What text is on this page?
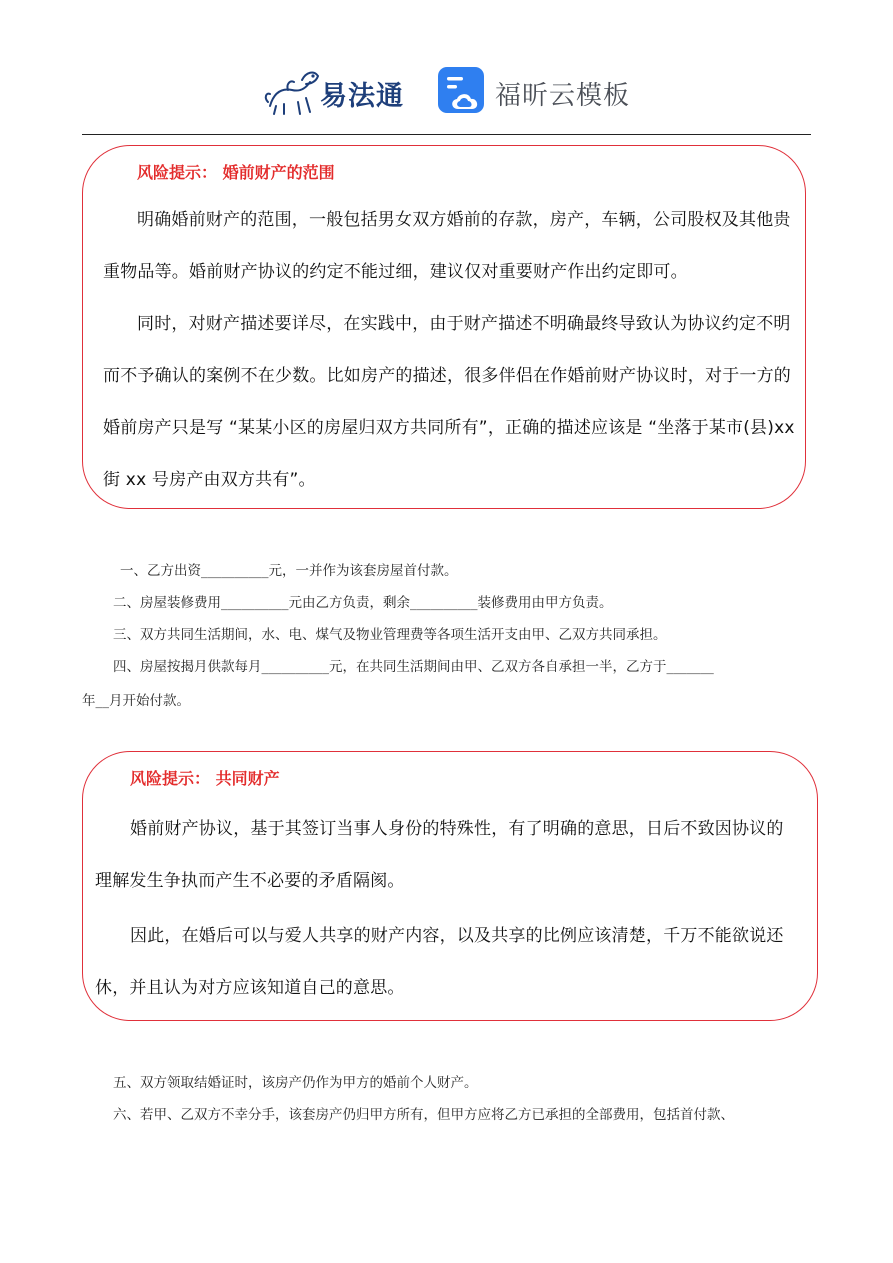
易法通	福昕云模板
风险提示： 婚前财产的范围
明确婚前财产的范围，一般包括男女双方婚前的存款，房产，车辆，公司股权及其他贵
重物品等。婚前财产协议的约定不能过细，建议仅对重要财产作出约定即可。
同时，对财产描述要详尽，在实践中，由于财产描述不明确最终导致认为协议约定不明
而不予确认的案例不在少数。比如房产的描述，很多伴侣在作婚前财产协议时，对于一方的
婚前房产只是写 “某某小区的房屋归双方共同所有”，正确的描述应该是 “坐落于某市(县)xx
街 xx 号房产由双方共有”。
一、乙方出资__________元，一并作为该套房屋首付款。
二、房屋装修费用__________元由乙方负责，剩余__________装修费用由甲方负责。
三、双方共同生活期间，水、电、煤气及物业管理费等各项生活开支由甲、乙双方共同承担。
四、房屋按揭月供款每月__________元，在共同生活期间由甲、乙双方各自承担一半，乙方于_______
年__月开始付款。
风险提示： 共同财产
婚前财产协议，基于其签订当事人身份的特殊性，有了明确的意思，日后不致因协议的
理解发生争执而产生不必要的矛盾隔阂。
因此，在婚后可以与爱人共享的财产内容，以及共享的比例应该清楚，千万不能欲说还
休，并且认为对方应该知道自己的意思。
五、双方领取结婚证时，该房产仍作为甲方的婚前个人财产。
六、若甲、乙双方不幸分手，该套房产仍归甲方所有，但甲方应将乙方已承担的全部费用，包括首付款、
